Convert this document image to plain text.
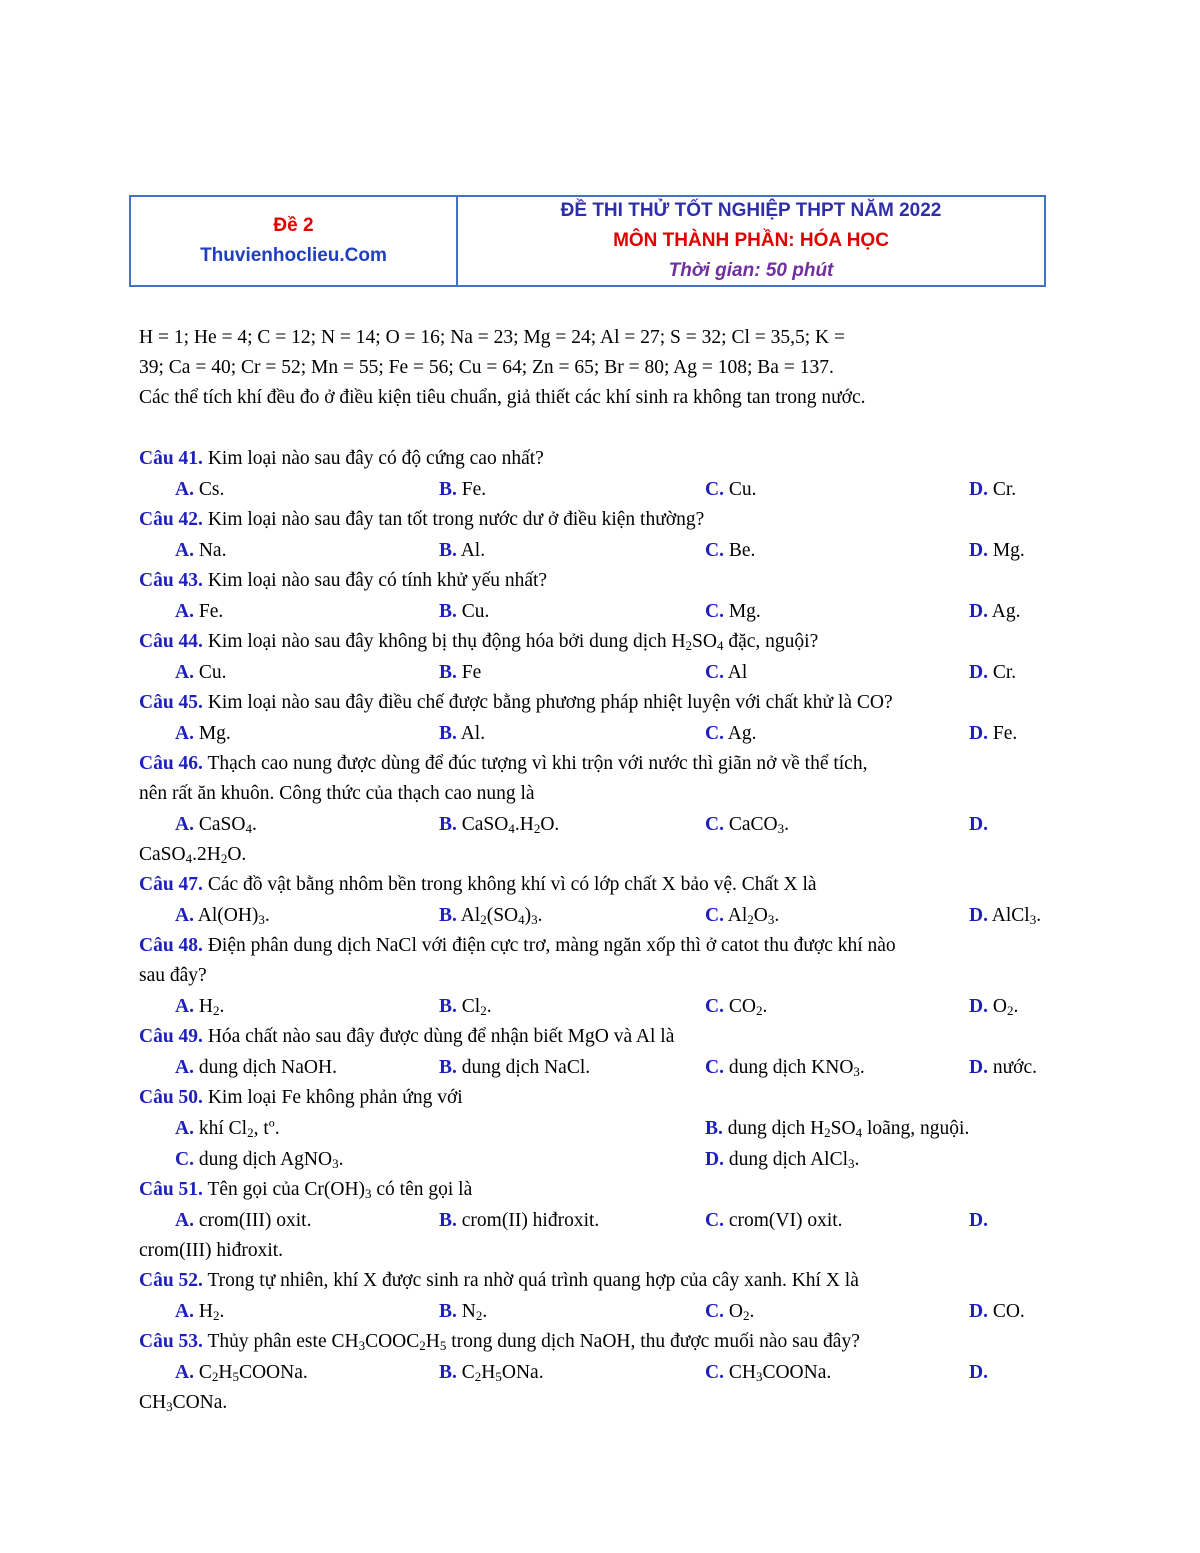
Đề 2
Thuvienhoclieu.Com
ĐỀ THI THỬ TỐT NGHIỆP THPT NĂM 2022
MÔN THÀNH PHẦN: HÓA HỌC
Thời gian: 50 phút
H = 1; He = 4; C = 12; N = 14; O = 16; Na = 23; Mg = 24; Al = 27; S = 32; Cl = 35,5; K =
39; Ca = 40; Cr = 52; Mn = 55; Fe = 56; Cu = 64; Zn = 65; Br = 80; Ag = 108; Ba = 137.
Các thể tích khí đều đo ở điều kiện tiêu chuẩn, giả thiết các khí sinh ra không tan trong nước.
Câu 41. Kim loại nào sau đây có độ cứng cao nhất?
A. Cs.	B. Fe.	C. Cu.	D. Cr.
Câu 42. Kim loại nào sau đây tan tốt trong nước dư ở điều kiện thường?
A. Na.	B. Al.	C. Be.	D. Mg.
Câu 43. Kim loại nào sau đây có tính khử yếu nhất?
A. Fe.	B. Cu.	C. Mg.	D. Ag.
Câu 44. Kim loại nào sau đây không bị thụ động hóa bởi dung dịch $H_2SO_4$ đặc, nguội?
A. Cu.	B. Fe	C. Al	D. Cr.
Câu 45. Kim loại nào sau đây điều chế được bằng phương pháp nhiệt luyện với chất khử là CO?
A. Mg.	B. Al.	C. Ag.	D. Fe.
Câu 46. Thạch cao nung được dùng để đúc tượng vì khi trộn với nước thì giãn nở về thể tích,
nên rất ăn khuôn. Công thức của thạch cao nung là
A. CaSO$_4$.	B. $CaSO_4.H_2O$.	C. CaCO$_3$.	D.
$CaSO_4.2H_2O$.
Câu 47. Các đồ vật bằng nhôm bền trong không khí vì có lớp chất X bảo vệ. Chất X là
A. $Al(OH)_3$.	B. $Al_2(SO_4)_3$.	C. $Al_2O_3$.	D. AlCl$_3$.
Câu 48. Điện phân dung dịch NaCl với điện cực trơ, màng ngăn xốp thì ở catot thu được khí nào
sau đây?
A. $H_2$.	B. $Cl_2$.	C. $CO_2$.	D. $O_2$.
Câu 49. Hóa chất nào sau đây được dùng để nhận biết MgO và Al là
A. dung dịch NaOH.	B. dung dịch NaCl.	C. dung dịch $KNO_3$.	D. nước.
Câu 50. Kim loại Fe không phản ứng với
A. khí $Cl_2$, $t^o$.	B. dung dịch $H_2SO_4$ loãng, nguội.
C. dung dịch AgNO$_3$.	D. dung dịch AlCl$_3$.
Câu 51. Tên gọi của $Cr(OH)_3$ có tên gọi là
A. crom(III) oxit.	B. crom(II) hiđroxit.	C. crom(VI) oxit.	D.
crom(III) hiđroxit.
Câu 52. Trong tự nhiên, khí X được sinh ra nhờ quá trình quang hợp của cây xanh. Khí X là
A. $H_2$.	B. $N_2$.	C. $O_2$.	D. CO.
Câu 53. Thủy phân este $CH_3COOC_2H_5$ trong dung dịch NaOH, thu được muối nào sau đây?
A. $C_2H_5COONa$.	B. $C_2H_5ONa$.	C. $CH_3COONa$.	D.
$CH_3CONa$.
